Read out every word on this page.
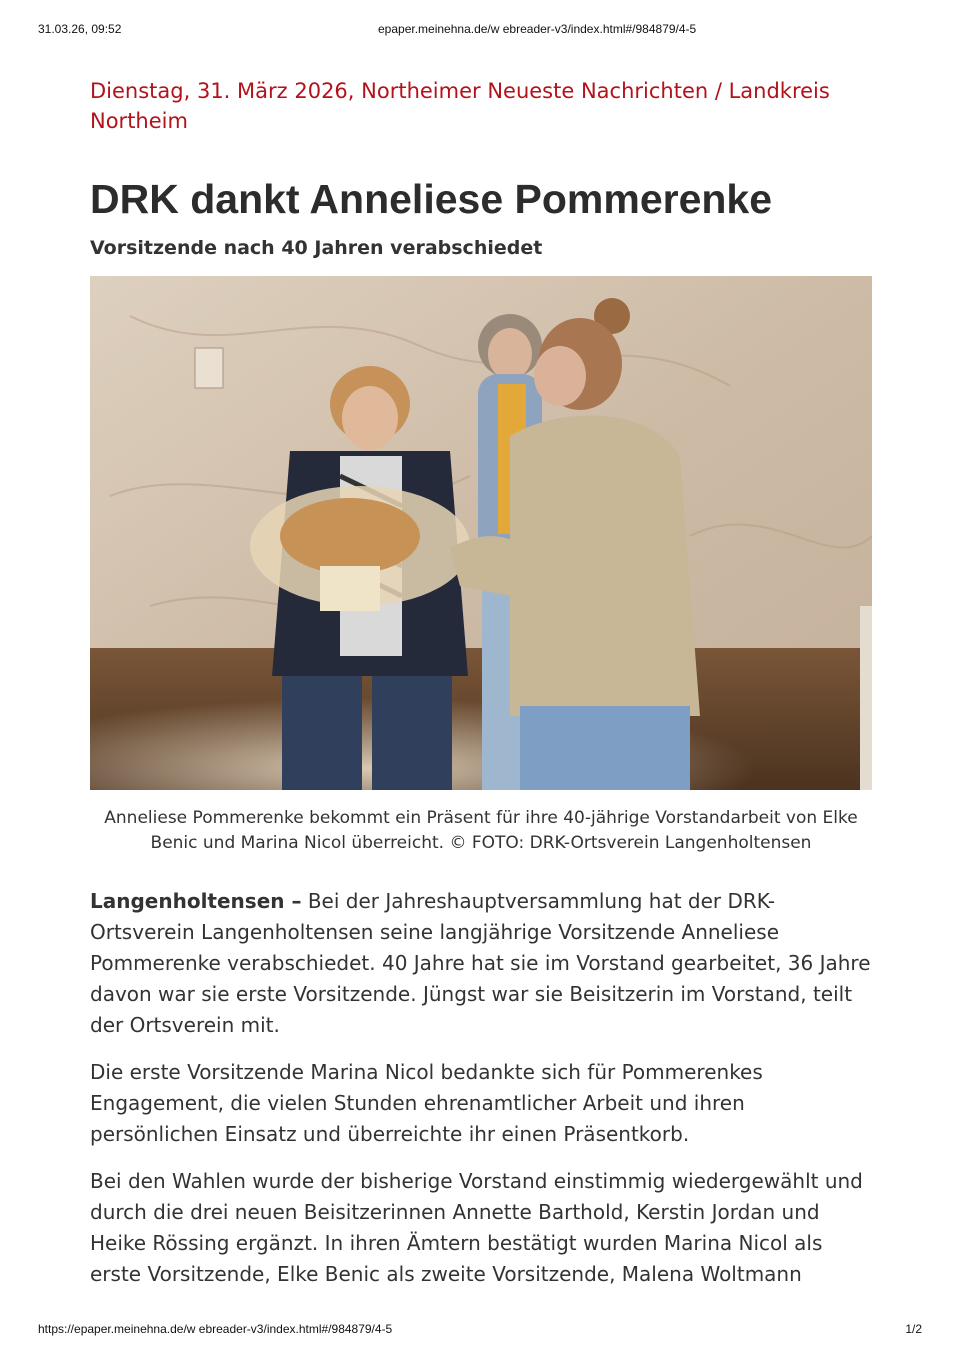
31.03.26, 09:52	epaper.meinehna.de/w ebreader-v3/index.html#/984879/4-5
Dienstag, 31. März 2026, Northeimer Neueste Nachrichten / Landkreis Northeim
DRK dankt Anneliese Pommerenke
Vorsitzende nach 40 Jahren verabschiedet
Anneliese Pommerenke bekommt ein Präsent für ihre 40-jährige Vorstandarbeit von Elke Benic und Marina Nicol überreicht. © FOTO: DRK-Ortsverein Langenholtensen

Langenholtensen – Bei der Jahreshauptversammlung hat der DRK-Ortsverein Langenholtensen seine langjährige Vorsitzende Anneliese Pommerenke verabschiedet. 40 Jahre hat sie im Vorstand gearbeitet, 36 Jahre davon war sie erste Vorsitzende. Jüngst war sie Beisitzerin im Vorstand, teilt der Ortsverein mit.

Die erste Vorsitzende Marina Nicol bedankte sich für Pommerenkes Engagement, die vielen Stunden ehrenamtlicher Arbeit und ihren persönlichen Einsatz und überreichte ihr einen Präsentkorb.

Bei den Wahlen wurde der bisherige Vorstand einstimmig wiedergewählt und durch die drei neuen Beisitzerinnen Annette Barthold, Kerstin Jordan und Heike Rössing ergänzt. In ihren Ämtern bestätigt wurden Marina Nicol als erste Vorsitzende, Elke Benic als zweite Vorsitzende, Malena Woltmann

https://epaper.meinehna.de/w ebreader-v3/index.html#/984879/4-5	1/2
